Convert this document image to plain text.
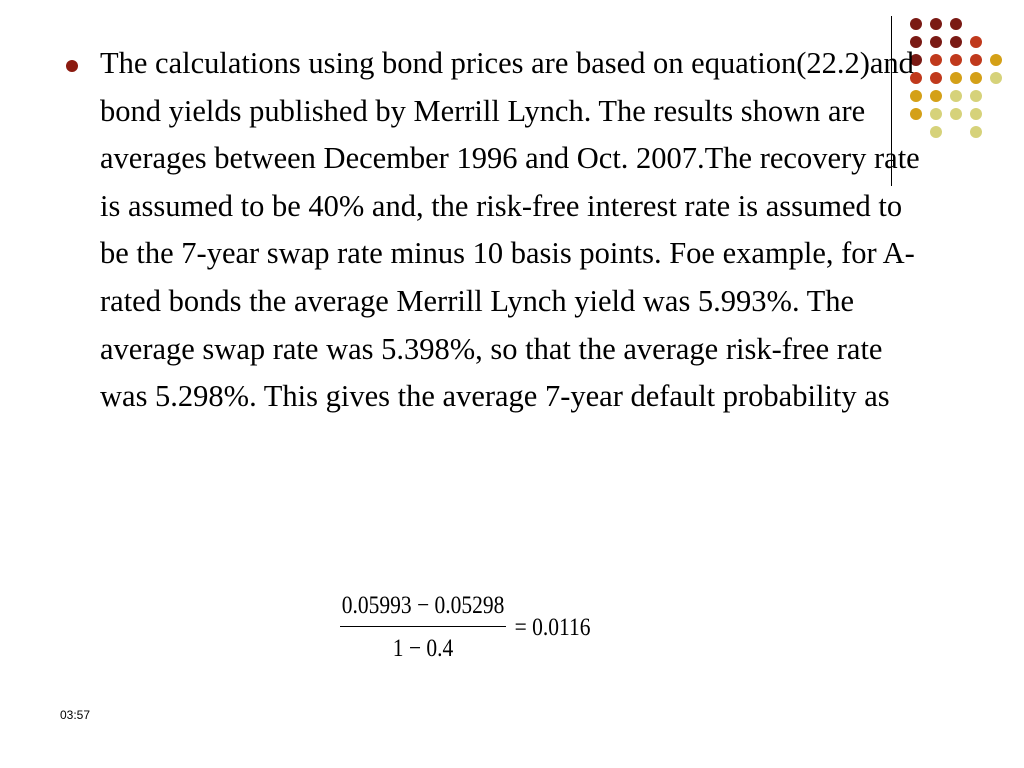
The calculations using bond prices are based on equation(22.2)and bond yields published by Merrill Lynch. The results shown are averages between December 1996 and Oct. 2007.The recovery rate is assumed to be 40% and, the risk-free interest rate is assumed to be the 7-year swap rate minus 10 basis points. Foe example, for A-rated bonds the average Merrill Lynch yield was 5.993%. The average swap rate was 5.398%, so that the average risk-free rate was 5.298%. This gives the average 7-year default probability as

$\frac{0.05993 - 0.05298}{1 - 0.4} = 0.0116$
03:57
